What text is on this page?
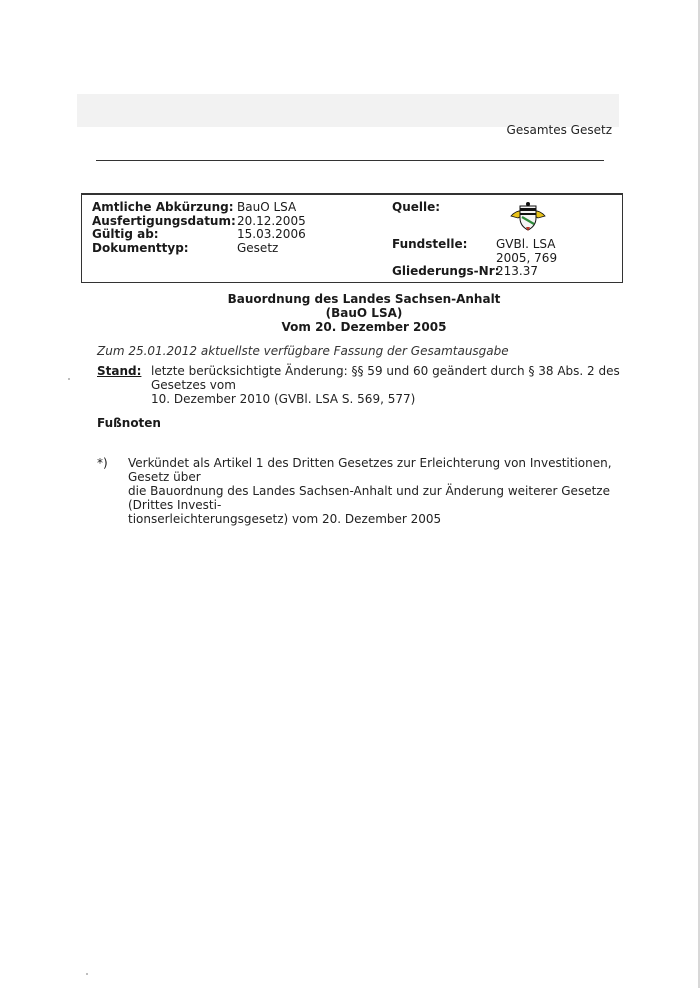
Gesamtes Gesetz
Amtliche Abkürzung: BauO LSA
Ausfertigungsdatum: 20.12.2005
Gültig ab:	15.03.2006
Dokumenttyp:	Gesetz
Quelle:
Fundstelle: GVBl. LSA
2005, 769
Gliederungs-Nr:
213.37
Bauordnung des Landes Sachsen-Anhalt
(BauO LSA)
Vom 20. Dezember 2005
Zum 25.01.2012 aktuellste verfügbare Fassung der Gesamtausgabe
Stand: letzte berücksichtigte Änderung: §§ 59 und 60 geändert durch § 38 Abs. 2 des Gesetzes vom
10. Dezember 2010 (GVBl. LSA S. 569, 577)
Fußnoten
*) Verkündet als Artikel 1 des Dritten Gesetzes zur Erleichterung von Investitionen, Gesetz über
die Bauordnung des Landes Sachsen-Anhalt und zur Änderung weiterer Gesetze (Drittes Investi-
tionserleichterungsgesetz) vom 20. Dezember 2005
